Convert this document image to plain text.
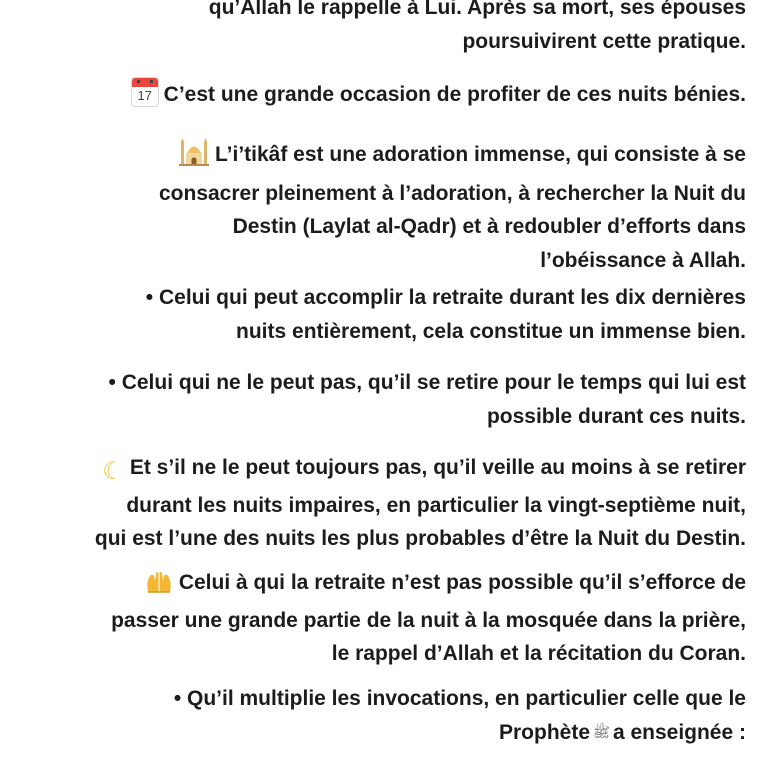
qu’Allah le rappelle à Lui. Après sa mort, ses épouses
poursuivirent cette pratique.
17 C’est une grande occasion de profiter de ces nuits bénies.
L’i’tikâf est une adoration immense, qui consiste à se
consacrer pleinement à l’adoration, à rechercher la Nuit du
Destin (Laylat al-Qadr) et à redoubler d’efforts dans
l’obéissance à Allah.
• Celui qui peut accomplir la retraite durant les dix dernières
nuits entièrement, cela constitue un immense bien.
• Celui qui ne le peut pas, qu’il se retire pour le temps qui lui est
possible durant ces nuits.
☾ Et s’il ne le peut toujours pas, qu’il veille au moins à se retirer
durant les nuits impaires, en particulier la vingt-septième nuit,
qui est l’une des nuits les plus probables d’être la Nuit du Destin.
Celui à qui la retraite n’est pas possible qu’il s’efforce de
passer une grande partie de la nuit à la mosquée dans la prière,
le rappel d’Allah et la récitation du Coran.
• Qu’il multiplie les invocations, en particulier celle que le
Prophète ﷺ a enseignée :
